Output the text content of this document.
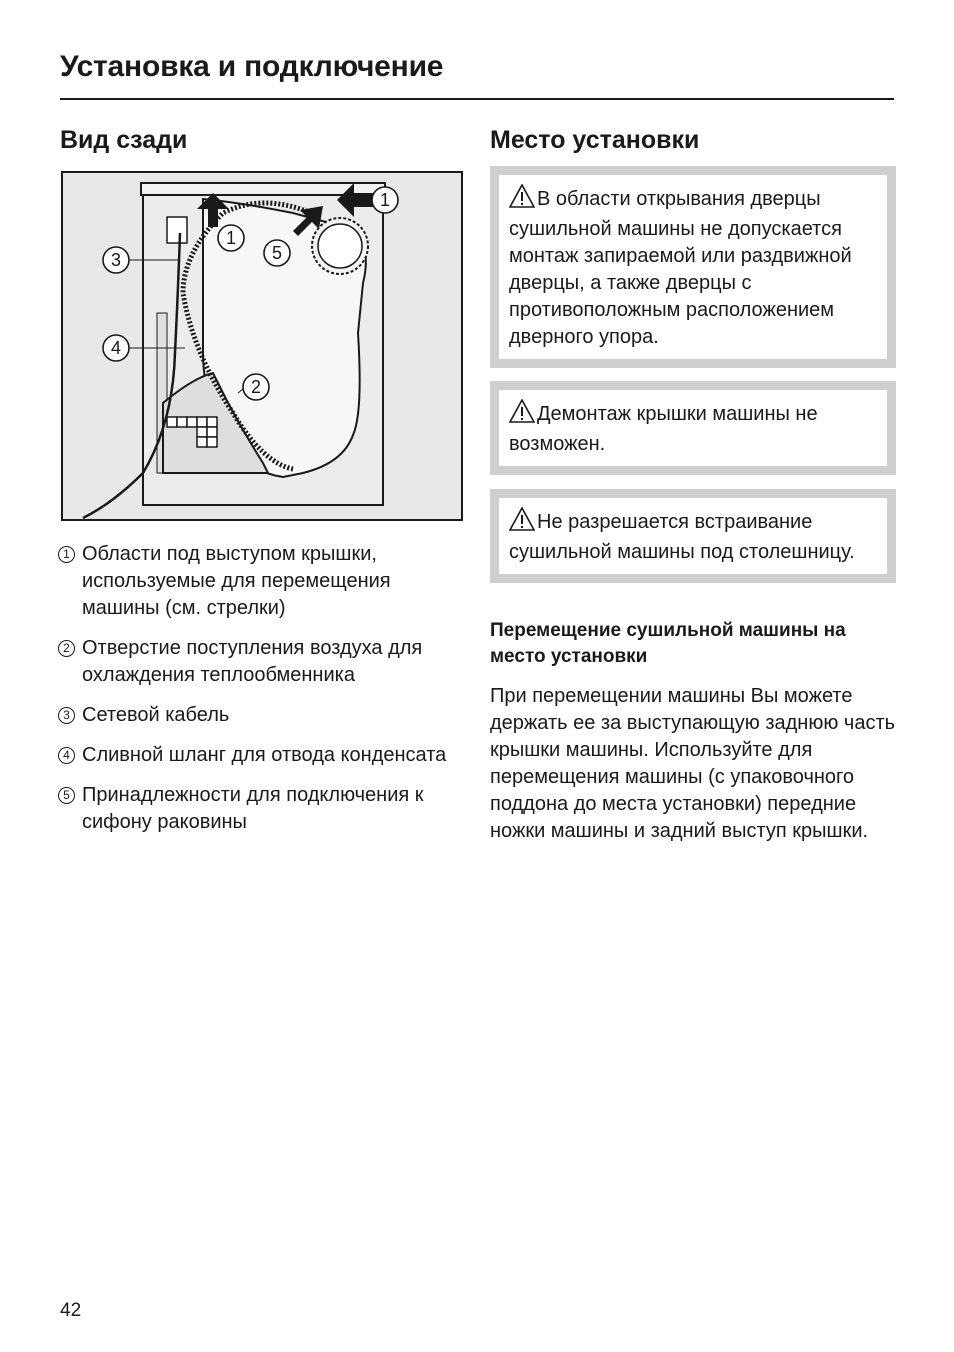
Установка и подключение
Вид сзади
1
1
2
3
4
5
1 Области под выступом крышки, используемые для перемещения машины (см. стрелки)
2 Отверстие поступления воздуха для охлаждения теплообменника
3 Сетевой кабель
4 Сливной шланг для отвода конденсата
5 Принадлежности для подключения к сифону раковины
Место установки
В области открывания дверцы сушильной машины не допускается монтаж запираемой или раздвижной дверцы, а также дверцы с противоположным расположением дверного упора.
Демонтаж крышки машины не возможен.
Не разрешается встраивание сушильной машины под столешницу.
Перемещение сушильной машины на место установки
При перемещении машины Вы можете держать ее за выступающую заднюю часть крышки машины. Используйте для перемещения машины (с упаковочного поддона до места установки) передние ножки машины и задний выступ крышки.
42
